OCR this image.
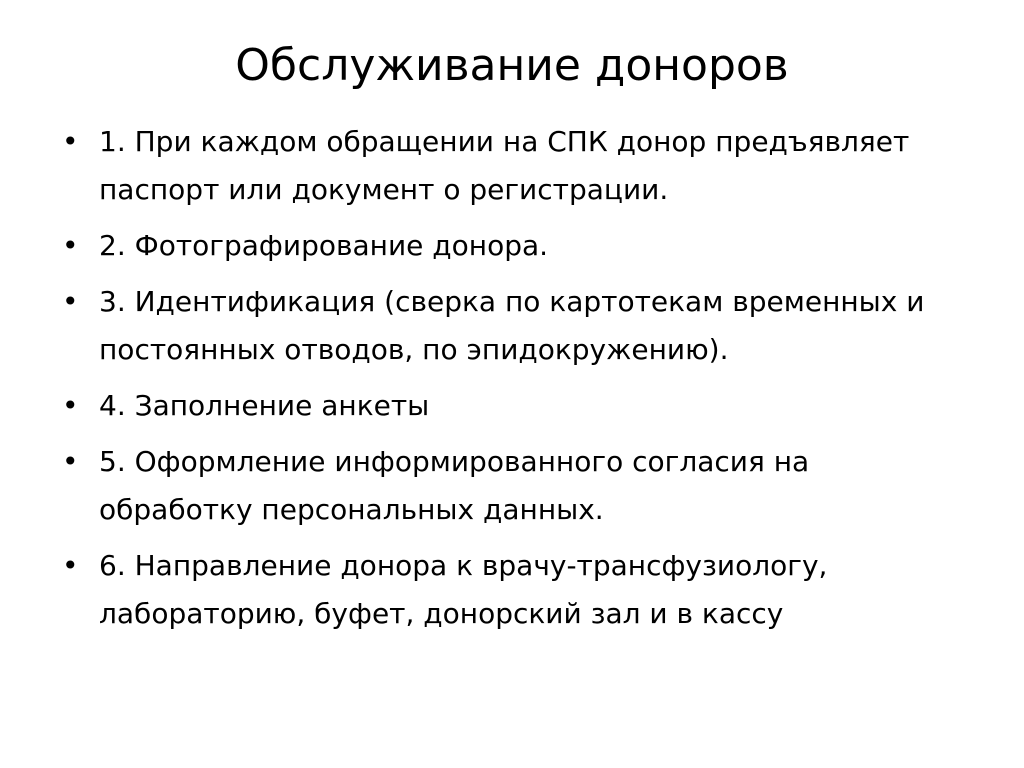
Обслуживание доноров
• 1. При каждом обращении на СПК донор предъявляет паспорт или документ о регистрации.
• 2. Фотографирование донора.
• 3. Идентификация (сверка по картотекам временных и постоянных отводов, по эпидокружению).
• 4. Заполнение анкеты
• 5. Оформление информированного согласия на обработку персональных данных.
• 6. Направление донора к врачу-трансфузиологу, лабораторию, буфет, донорский зал и в кассу
